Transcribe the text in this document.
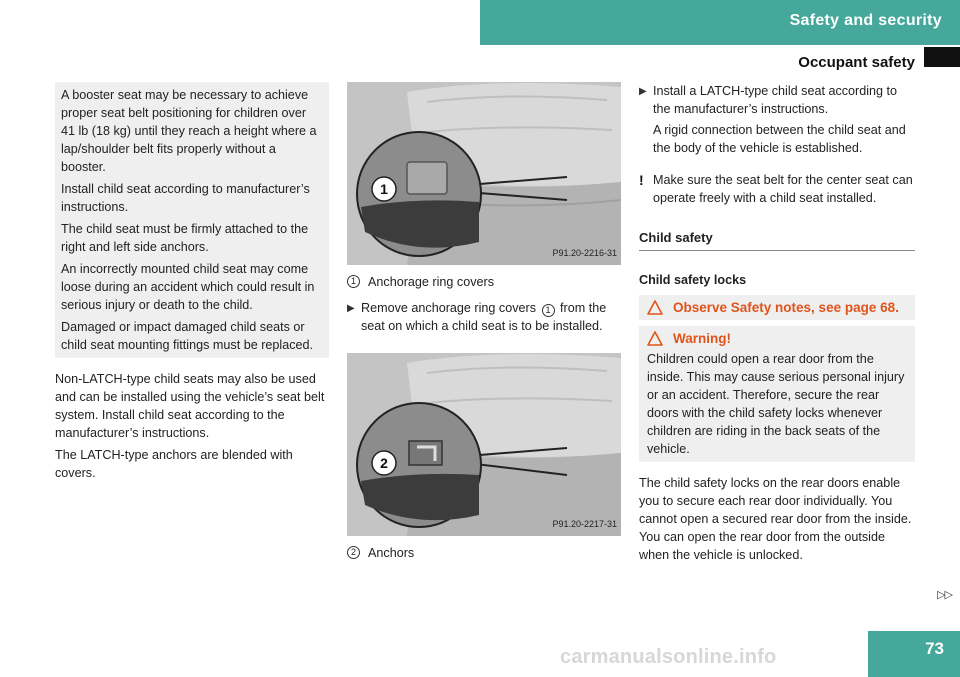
Safety and security
Occupant safety

A booster seat may be necessary to achieve proper seat belt positioning for children over 41 lb (18 kg) until they reach a height where a lap/shoulder belt fits properly without a booster.

Install child seat according to manufacturer’s instructions.

The child seat must be firmly attached to the right and left side anchors.

An incorrectly mounted child seat may come loose during an accident which could result in serious injury or death to the child.

Damaged or impact damaged child seats or child seat mounting fittings must be replaced.

Non-LATCH-type child seats may also be used and can be installed using the vehicle’s seat belt system. Install child seat according to the manufacturer’s instructions.

The LATCH-type anchors are blended with covers.

1
P91.20-2216-31
1 Anchorage ring covers
▶ Remove anchorage ring covers 1 from the seat on which a child seat is to be installed.
2
P91.20-2217-31
2 Anchors
▶ Install a LATCH-type child seat according to the manufacturer’s instructions.

A rigid connection between the child seat and the body of the vehicle is established.

! Make sure the seat belt for the center seat can operate freely with a child seat installed.
Child safety
Child safety locks
Observe Safety notes, see page 68.
Warning!

Children could open a rear door from the inside. This may cause serious personal injury or an accident. Therefore, secure the rear doors with the child safety locks whenever children are riding in the back seats of the vehicle.

The child safety locks on the rear doors enable you to secure each rear door individually. You cannot open a secured rear door from the inside. You can open the rear door from the outside when the vehicle is unlocked.

▷▷
carmanualsonline.info	73
